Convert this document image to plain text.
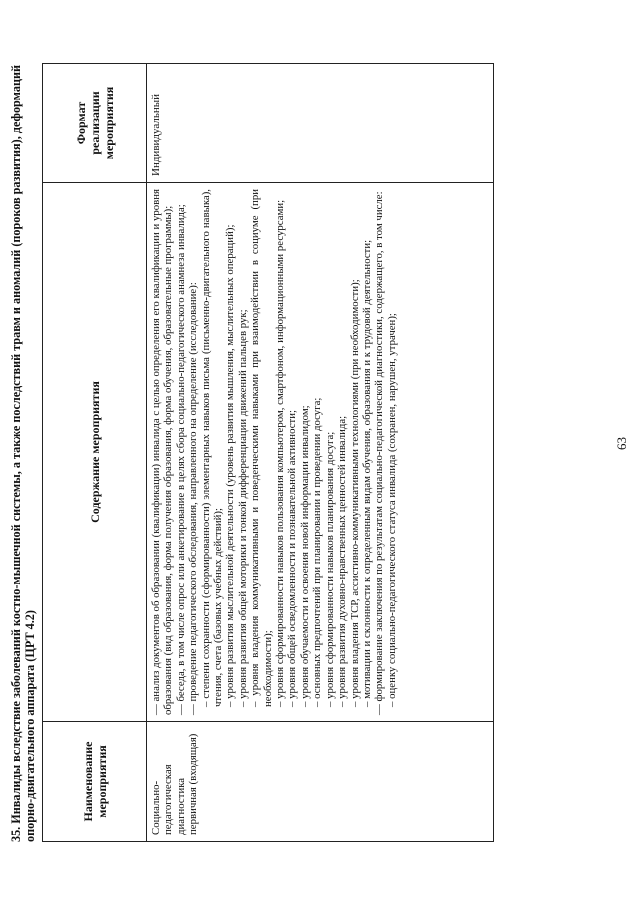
63
35. Инвалиды вследствие заболеваний костно-мышечной системы, а также последствий травм и аномалий (пороков развития), деформаций опорно-двигательного аппарата (ЦРТ 4.2)	Наименование мероприятия
Содержание мероприятия
Формат реализации мероприятия
Социально-педагогическая диагностика первичная (входящая)

— анализ документов об образовании (квалификации) инвалида с целью определения его квалификации и уровня образования (вид образования, форма получения образования, форма обучения, образовательные программы); — беседа, в том числе опрос или анкетирование в целях сбора социально-педагогического анамнеза инвалида; — проведение педагогического обследования, направленного на определение (исследование): – степени сохранности (сформированности) элементарных навыков письма (письменно-двигательного навыка), чтения, счета (базовых учебных действий); – уровня развития мыслительной деятельности (уровень развития мышления, мыслительных операций); – уровня развития общей моторики и тонкой дифференциации движений пальцев рук; – уровня владения коммуникативными и поведенческими навыками при взаимодействии в социуме (при необходимости); – уровня сформированности навыков пользования компьютером, смартфоном, информационными ресурсами; – уровня общей осведомленности и познавательной активности; – уровня обучаемости и освоения новой информации инвалидом; – основных предпочтений при планировании и проведении досуга; – уровня сформированности навыков планирования досуга; – уровня развития духовно-нравственных ценностей инвалида; – уровня владения ТСР, ассистивно-коммуникативными технологиями (при необходимости); – мотивации и склонности к определенным видам обучения, образования и к трудовой деятельности; — формирование заключения по результатам социально-педагогической диагностики, содержащего, в том числе: – оценку социально-педагогического статуса инвалида (сохранен, нарушен, утрачен);

Индивидуальный
